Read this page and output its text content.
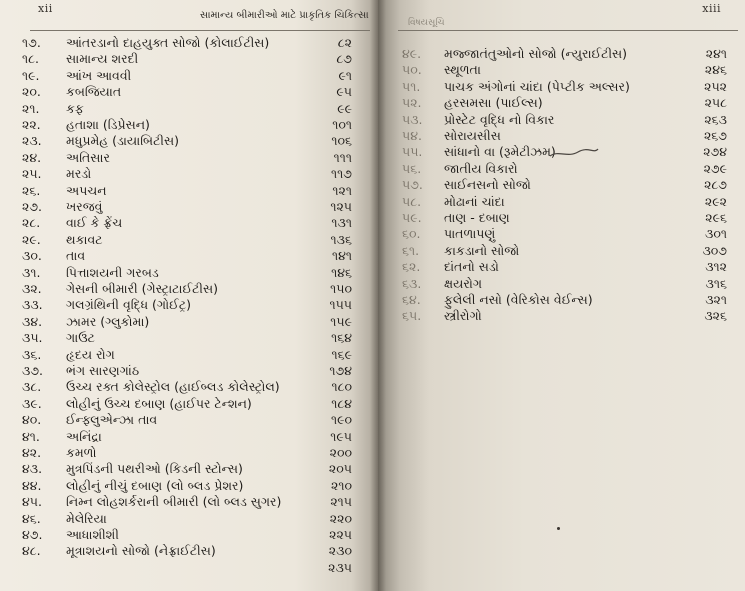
xii
સામાન્ય બીમારીઓ માટે પ્રાકૃતિક ચિકિત્સા
૧૭.	આંતરડાનો દાહયુક્ત સોજો (કોલાઈટીસ)	૮૨
૧૮.	સામાન્ય શરદી	૮૭
૧૯.	આંખ આવવી	૯૧
૨૦.	કબજિયાત	૯૫
૨૧.	કફ	૯૯
૨૨.	હતાશા (ડિપ્રેસન)	૧૦૧
૨૩.	મધુપ્રમેહ (ડાયાબિટીસ)	૧૦૬
૨૪.	અતિસાર	૧૧૧
૨૫.	મરડો	૧૧૭
૨૬.	અપચન	૧૨૧
૨૭.	ખરજવું	૧૨૫
૨૮.	વાઈ કે ફ્રેંચ	૧૩૧
૨૯.	થકાવટ	૧૩૬
૩૦.	તાવ	૧૪૧
૩૧.	પિત્તાશયની ગરબડ	૧૪૬
૩૨.	ગેસની બીમારી (ગેસ્ટ્રાટાઈટીસ)	૧૫૦
૩૩.	ગલગ્રંથિની વૃદ્ધિ (ગોઈટ્ર)	૧૫૫
૩૪.	ઝામર (ગ્લુકોમા)	૧૫૯
૩૫.	ગાઉટ	૧૬૪
૩૬.	હૃદય રોગ	૧૬૯
૩૭.	ભંગ સારણગાંઠ	૧૭૪
૩૮.	ઉચ્ચ રક્ત કોલેસ્ટ્રોલ (હાઈબ્લડ કોલેસ્ટ્રોલ)	૧૮૦
૩૯.	લોહીનું ઉચ્ચ દબાણ (હાઈપર ટેન્શન)	૧૮૪
૪૦.	ઈન્ફ્લુએન્ઝા તાવ	૧૯૦
૪૧.	અનિંદ્રા	૧૯૫
૪૨.	કમળો	૨૦૦
૪૩.	મુત્રપિંડની પથરીઓ (કિડની સ્ટોન્સ)	૨૦૫
૪૪.	લોહીનું નીચું દબાણ (લો બ્લડ પ્રેશર)	૨૧૦
૪૫.	નિમ્ન લોહશર્કરાની બીમારી (લો બ્લડ સુગર)	૨૧૫
૪૬.	મેલેરિયા	૨૨૦
૪૭.	આધાશીશી	૨૨૫
૪૮.	મૂત્રાશયનો સોજો (નેફ્રાઈટીસ)	૨૩૦
૨૩૫
xiii
વિષયસૂચિ
૪૯.	મજ્જાતંતુઓનો સોજો (ન્યુરાઈટીસ)	૨૪૧
૫૦.	સ્થૂળતા	૨૪૬
૫૧.	પાચક અંગોનાં ચાંદા (પેપ્ટીક અલ્સર)	૨૫૨
૫૨.	હરસમસા (પાઈલ્સ)	૨૫૮
૫૩.	પ્રોસ્ટેટ વૃદ્ધિ નો વિકાર	૨૬૩
૫૪.	સોરાયસીસ	૨૬૭
૫૫.	સાંધાનો વા (રૂમેટીઝમ)	૨૭૪
૫૬.	જાતીય વિકારો	૨૭૯
૫૭.	સાઈનસનો સોજો	૨૮૭
૫૮.	મોઢાનાં ચાંદા	૨૯૨
૫૯.	તાણ - દબાણ	૨૯૬
૬૦.	પાતળાપણું	૩૦૧
૬૧.	કાકડાનો સોજો	૩૦૭
૬૨.	દાંતનો સડો	૩૧૨
૬૩.	ક્ષયરોગ	૩૧૬
૬૪.	ફુલેલી નસો (વેરિકોસ વેઈન્સ)	૩૨૧
૬૫.	સ્ત્રીરોગો	૩૨૬
